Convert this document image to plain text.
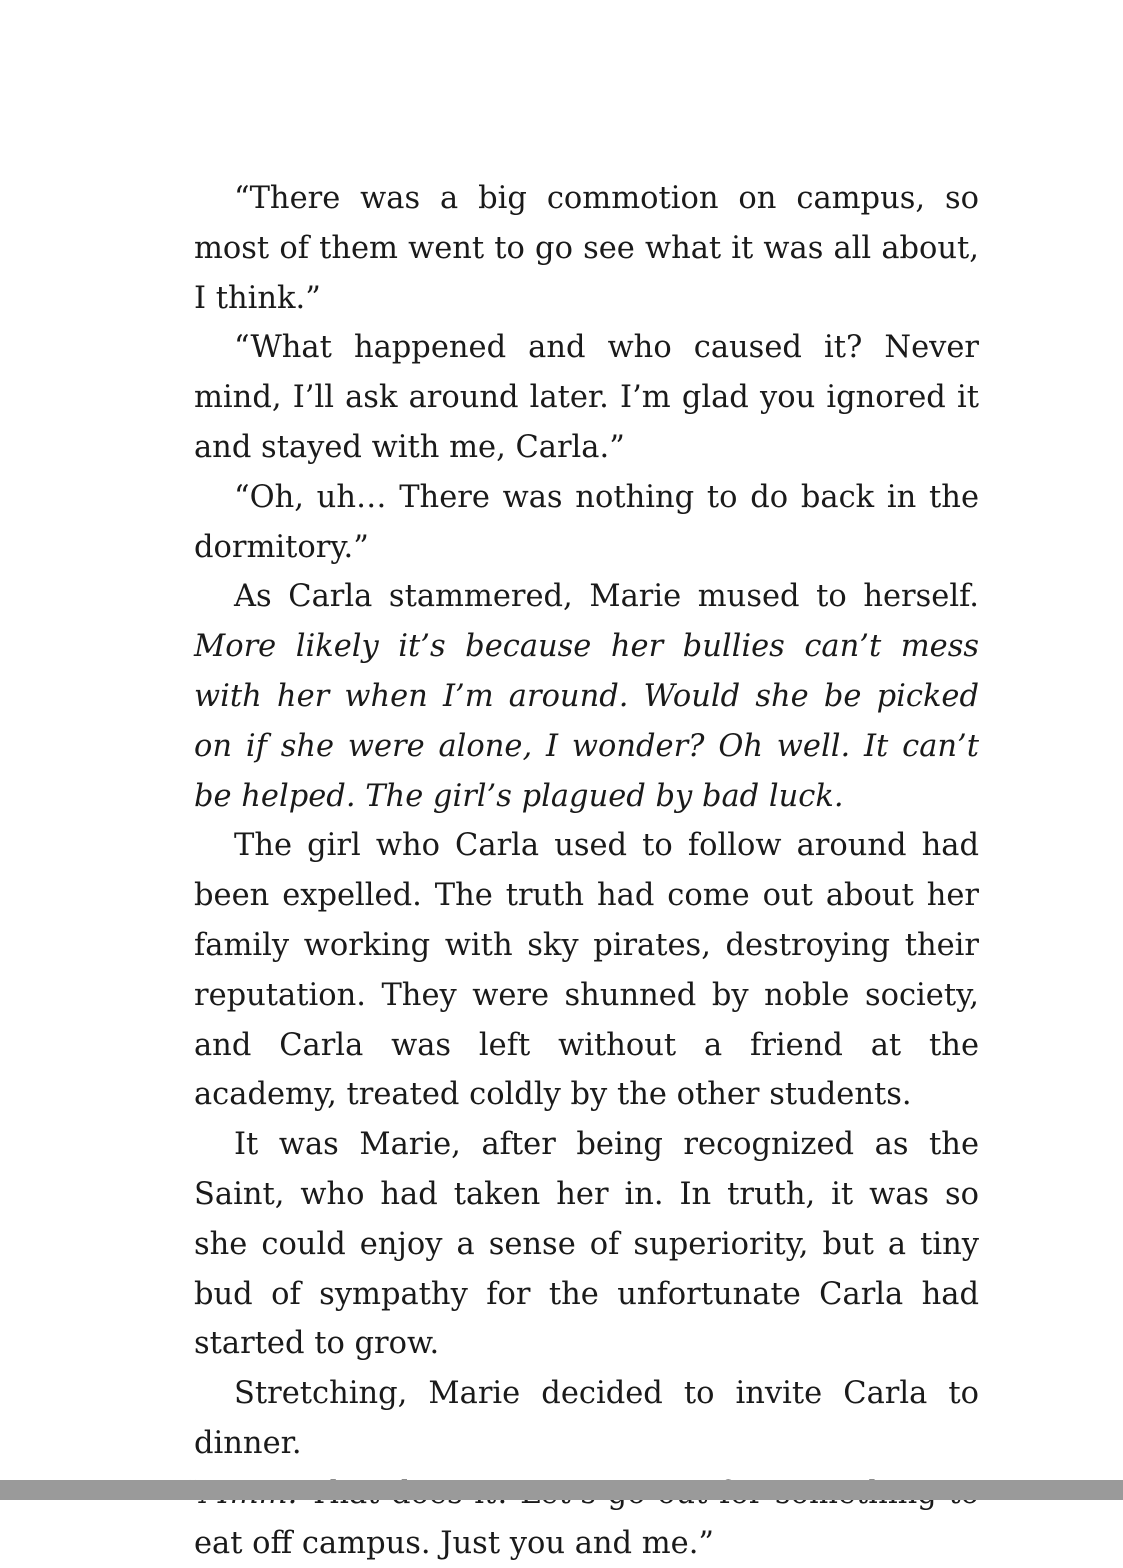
“There was a big commotion on campus, so most of them went to go see what it was all about, I think.”

“What happened and who caused it? Never mind, I’ll ask around later. I’m glad you ignored it and stayed with me, Carla.”

“Oh, uh… There was nothing to do back in the dormitory.”

As Carla stammered, Marie mused to herself. More likely it’s because her bullies can’t mess with her when I’m around. Would she be picked on if she were alone, I wonder? Oh well. It can’t be helped. The girl’s plagued by bad luck.

The girl who Carla used to follow around had been expelled. The truth had come out about her family working with sky pirates, destroying their reputation. They were shunned by noble society, and Carla was left without a friend at the academy, treated coldly by the other students.

It was Marie, after being recognized as the Saint, who had taken her in. In truth, it was so she could enjoy a sense of superiority, but a tiny bud of sympathy for the unfortunate Carla had started to grow.

Stretching, Marie decided to invite Carla to dinner.

eat off campus. Just you and me.”
